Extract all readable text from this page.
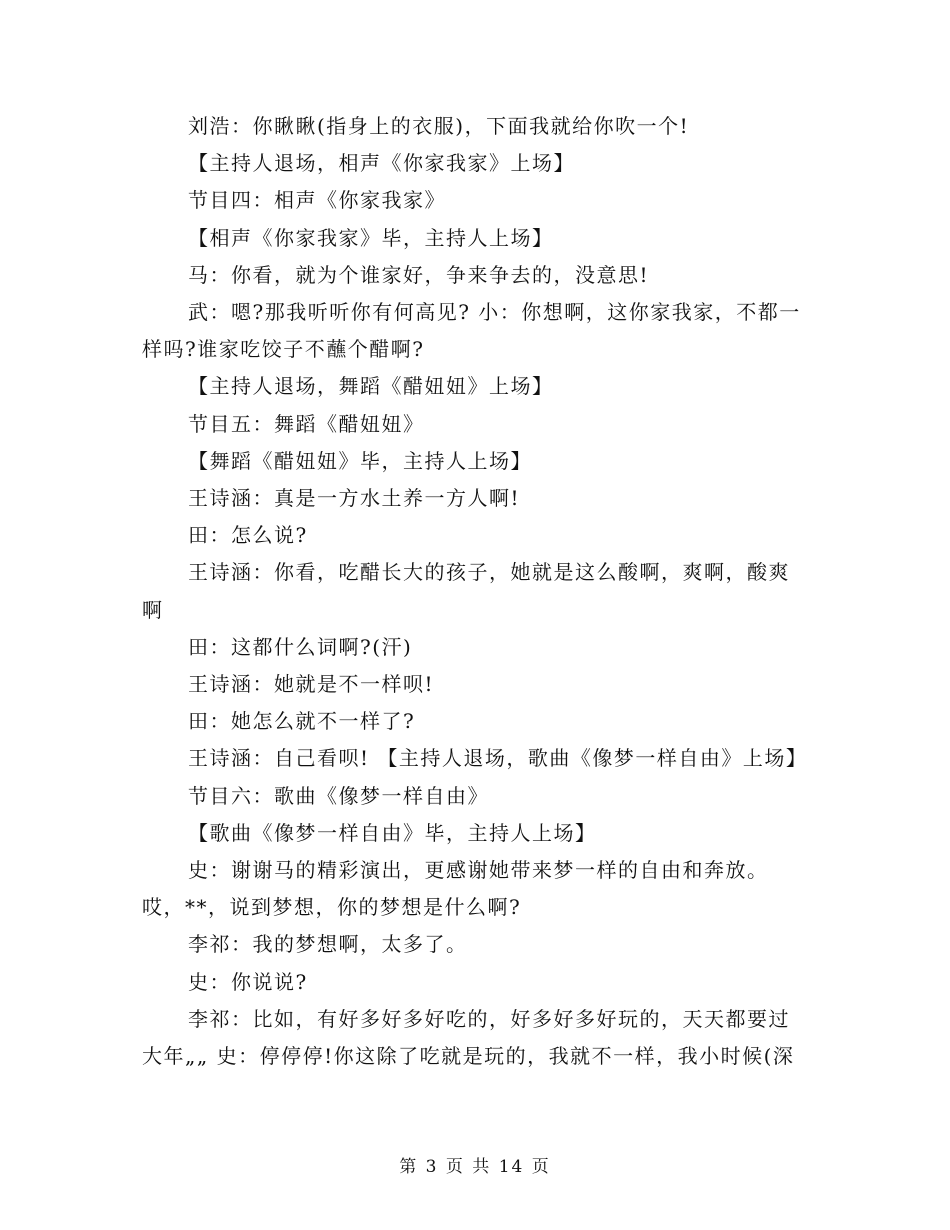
刘浩：你瞅瞅(指身上的衣服)，下面我就给你吹一个!

【主持人退场，相声《你家我家》上场】

节目四：相声《你家我家》

【相声《你家我家》毕，主持人上场】

马：你看，就为个谁家好，争来争去的，没意思!

武：嗯?那我听听你有何高见? 小：你想啊，这你家我家，不都一样吗?谁家吃饺子不蘸个醋啊?

【主持人退场，舞蹈《醋妞妞》上场】

节目五：舞蹈《醋妞妞》

【舞蹈《醋妞妞》毕，主持人上场】

王诗涵：真是一方水土养一方人啊!

田：怎么说?

王诗涵：你看，吃醋长大的孩子，她就是这么酸啊，爽啊，酸爽啊

田：这都什么词啊?(汗)

王诗涵：她就是不一样呗!

田：她怎么就不一样了?

王诗涵：自己看呗! 【主持人退场，歌曲《像梦一样自由》上场】

节目六：歌曲《像梦一样自由》

【歌曲《像梦一样自由》毕，主持人上场】

史：谢谢马的精彩演出，更感谢她带来梦一样的自由和奔放。哎，**，说到梦想，你的梦想是什么啊?

李祁：我的梦想啊，太多了。

史：你说说?

李祁：比如，有好多好多好吃的，好多好多好玩的，天天都要过大年„„ 史：停停停!你这除了吃就是玩的，我就不一样，我小时候(深

第 3 页 共 14 页
